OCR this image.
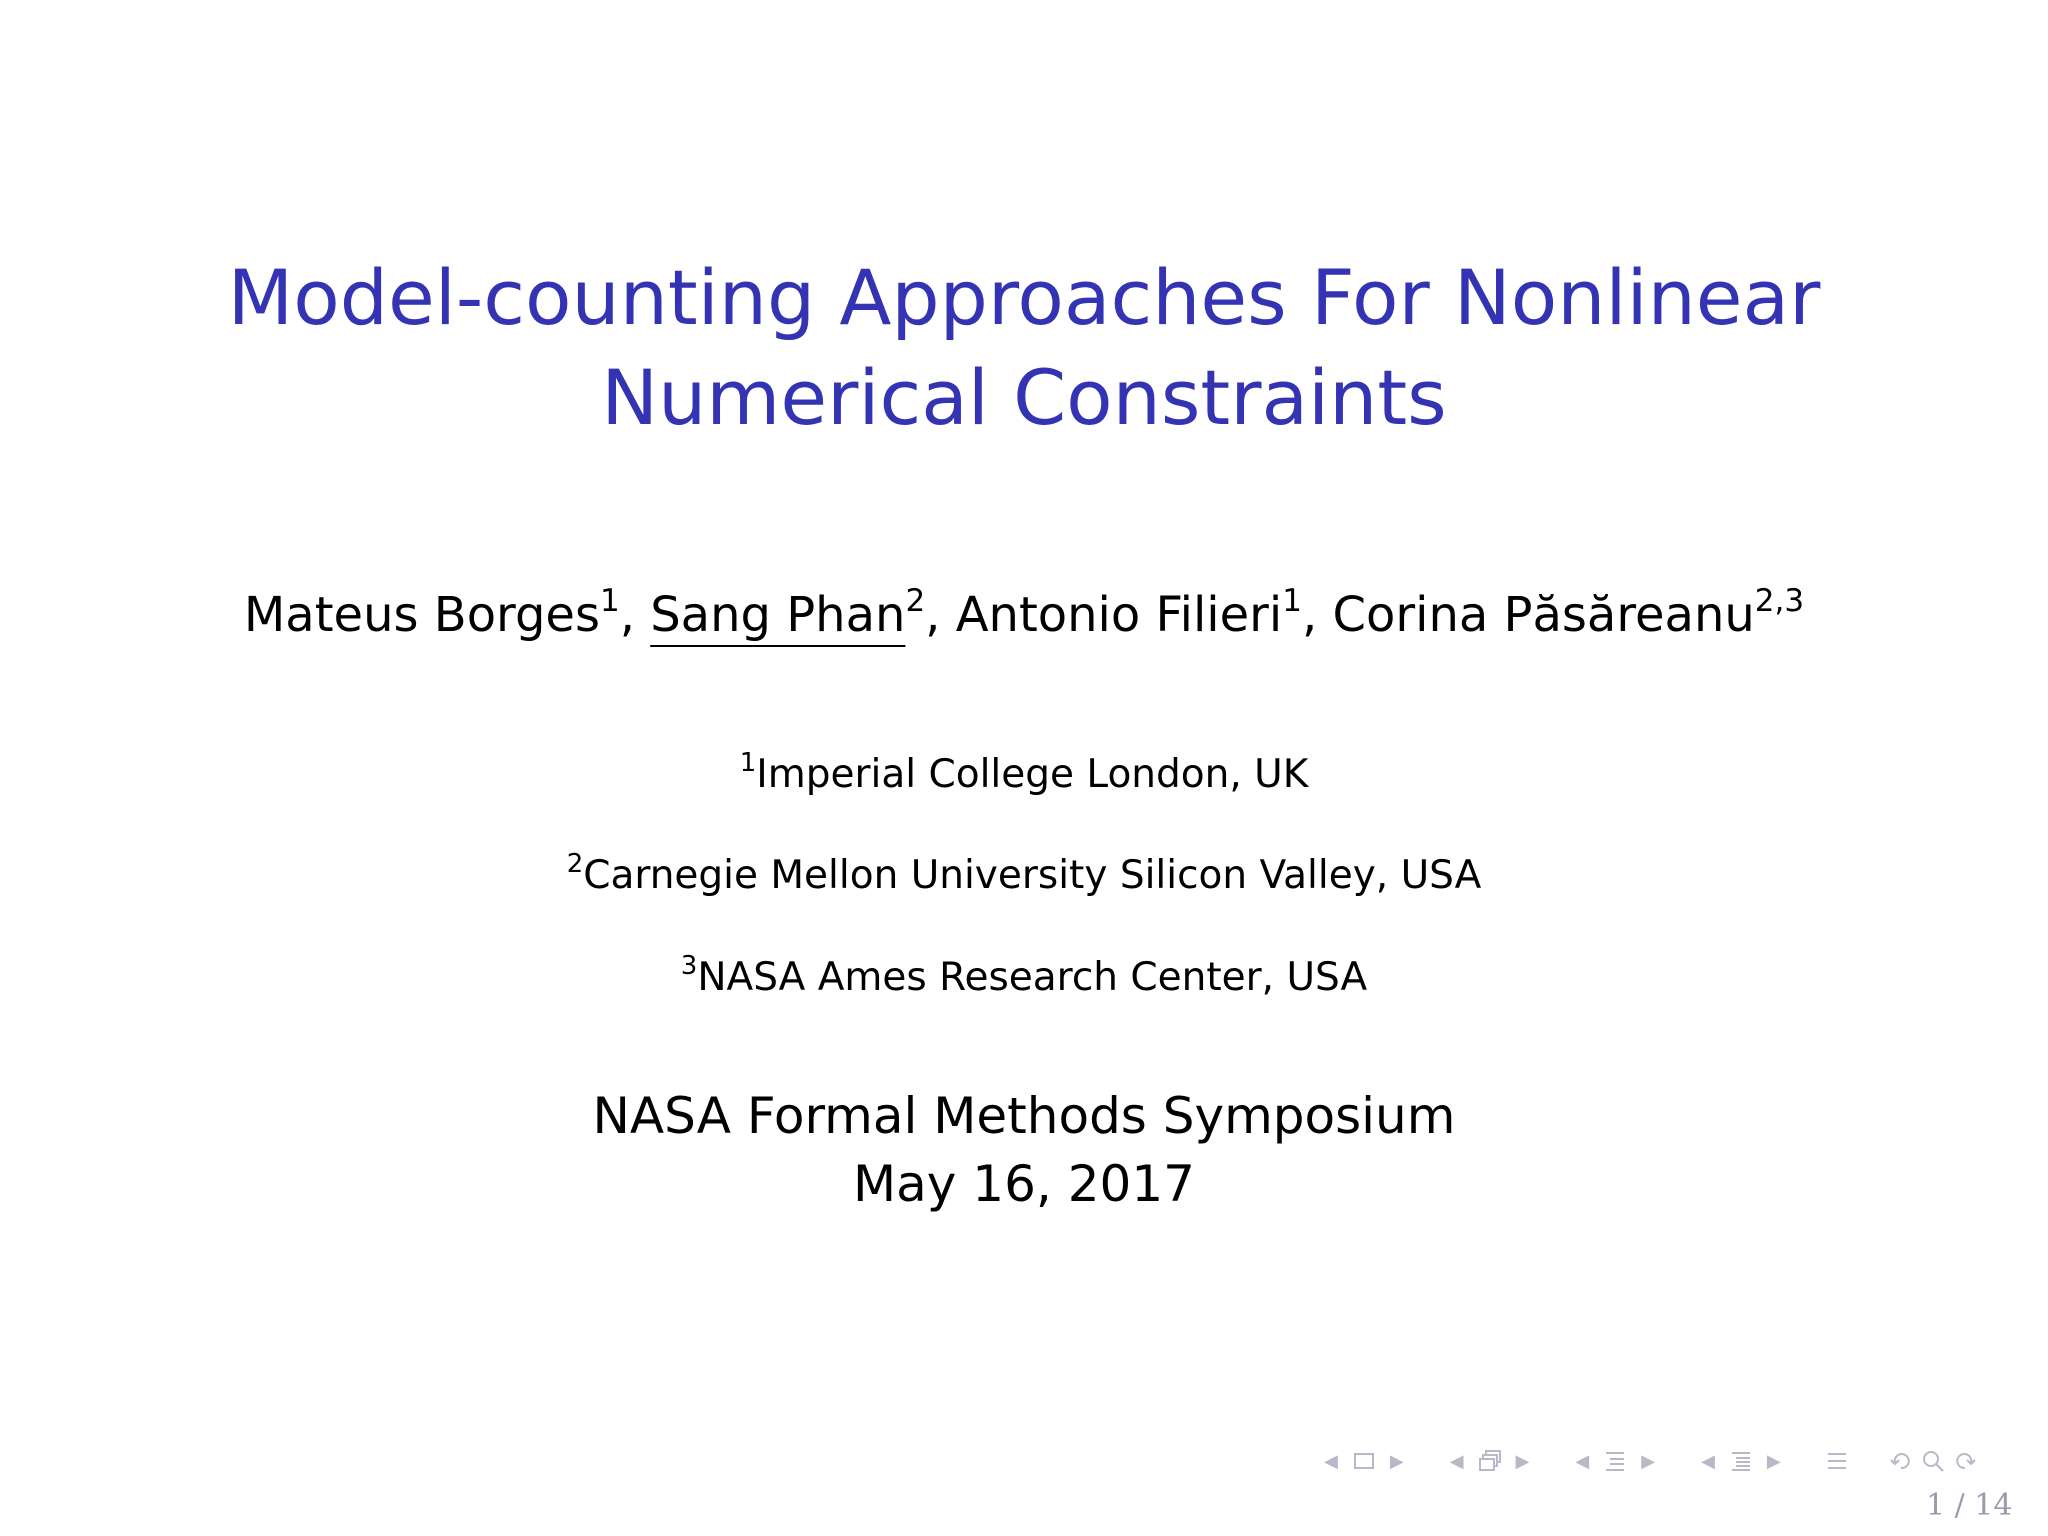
Model-counting Approaches For Nonlinear
Numerical Constraints
Mateus Borges$^1$, Sang Phan$^2$, Antonio Filieri$^1$, Corina Păsăreanu$^{2,3}$
$^1$Imperial College London, UK
$^2$Carnegie Mellon University Silicon Valley, USA
$^3$NASA Ames Research Center, USA
NASA Formal Methods Symposium
May 16, 2017
◀	▶	◀	▶	◀	▶	◀	▶
1 / 14
